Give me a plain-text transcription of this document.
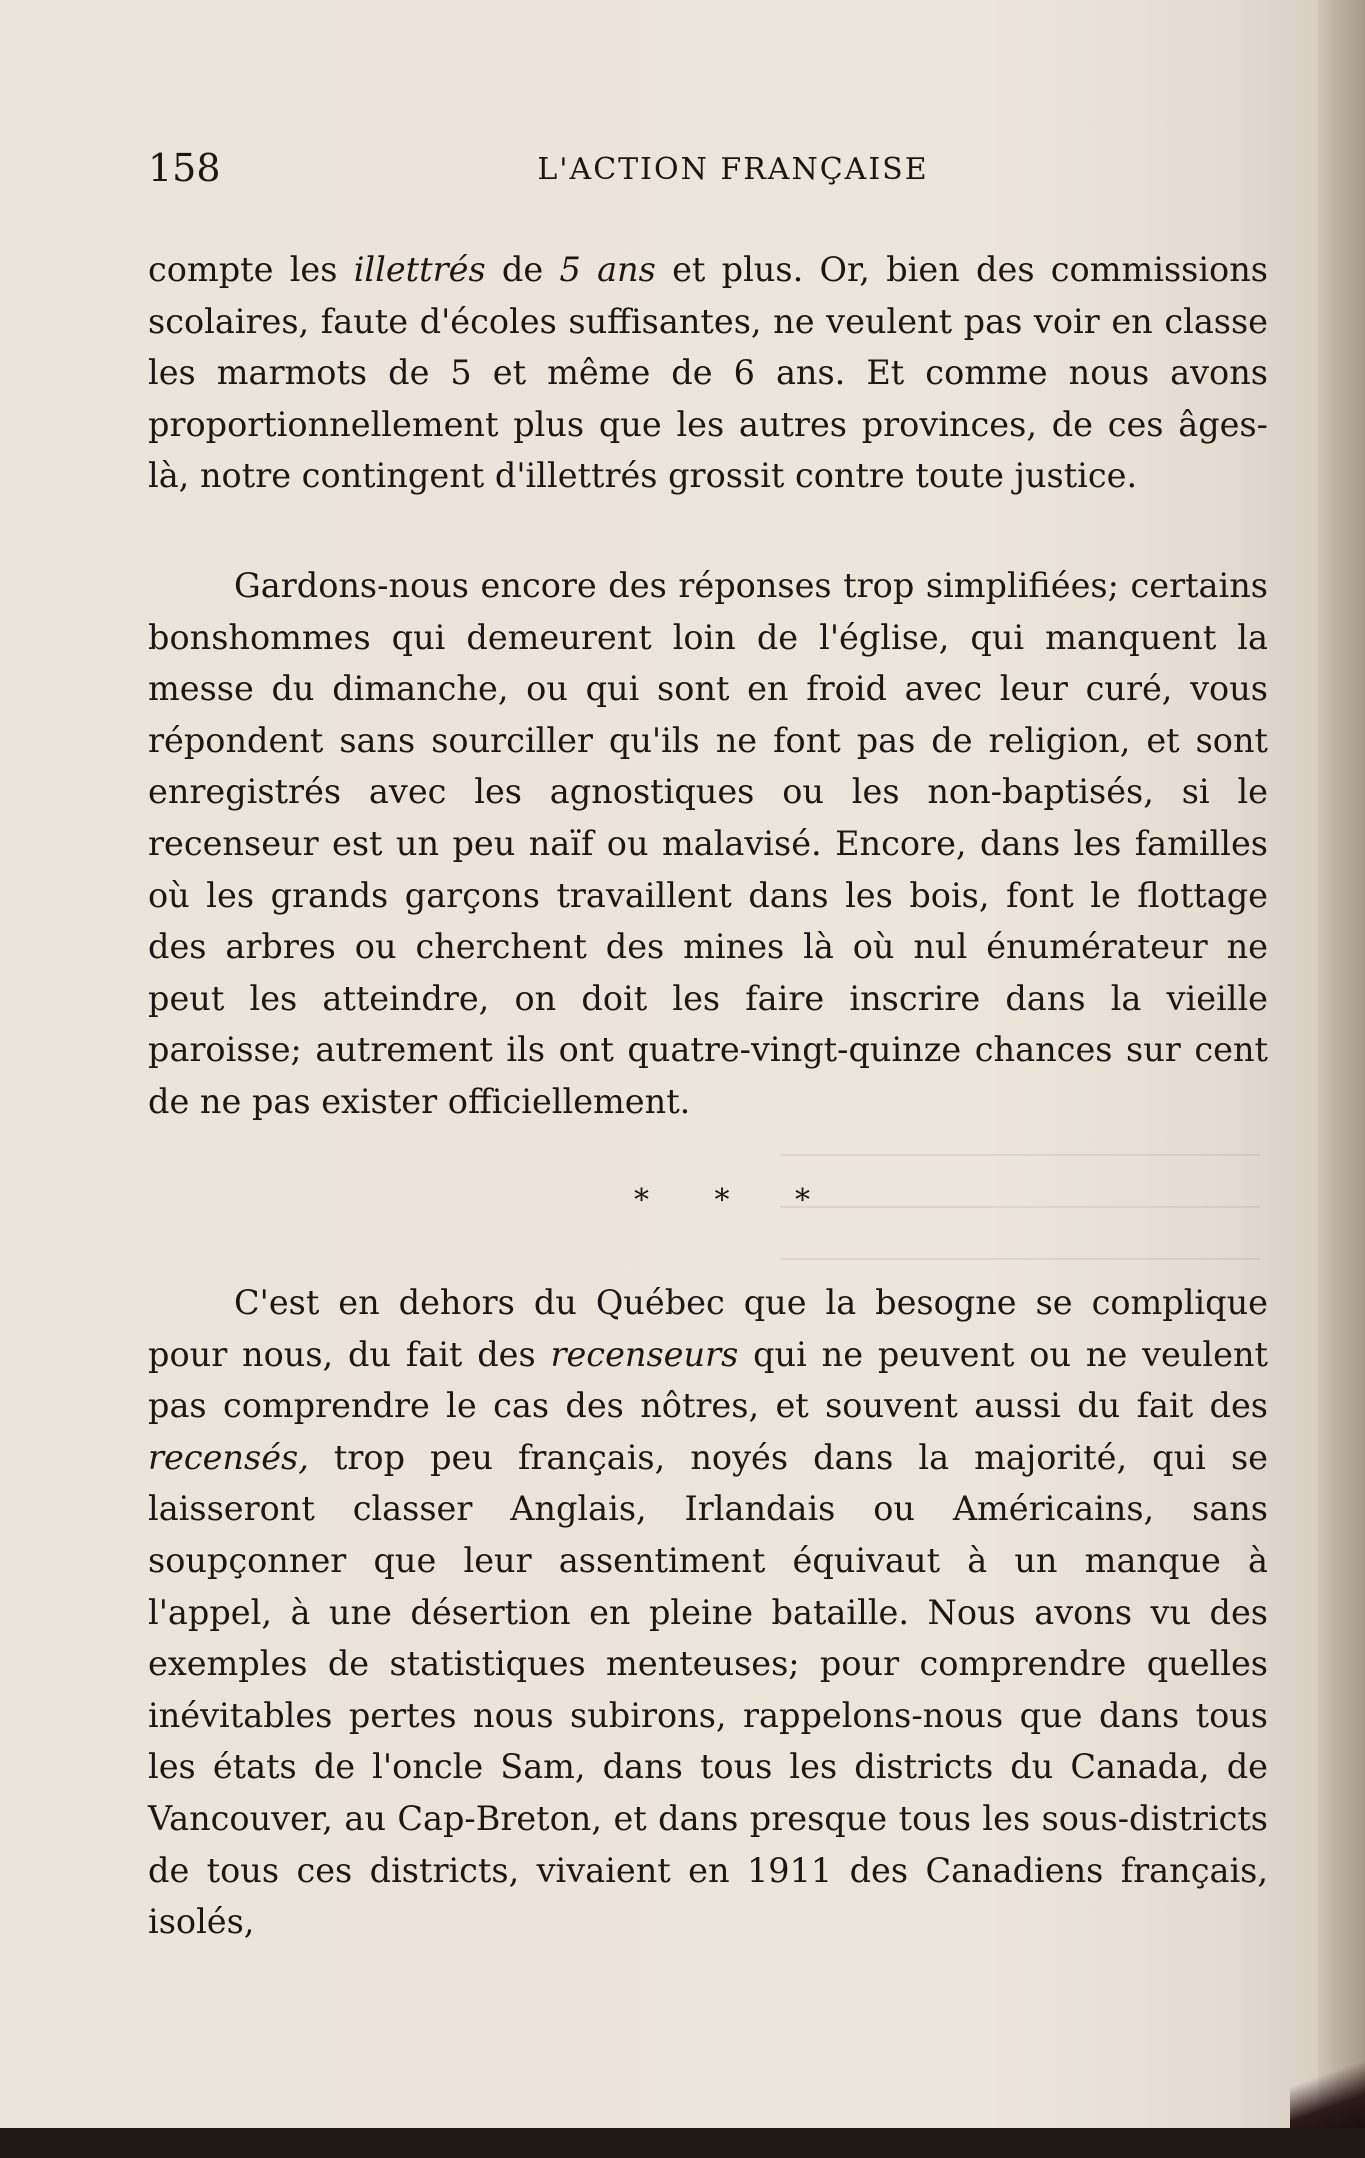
158	L'ACTION FRANÇAISE

compte les illettrés de 5 ans et plus. Or, bien des commissions scolaires, faute d'écoles suffisantes, ne veulent pas voir en classe les marmots de 5 et même de 6 ans. Et comme nous avons proportionnellement plus que les autres provinces, de ces âges-là, notre contingent d'illettrés grossit contre toute justice.

Gardons-nous encore des réponses trop simplifiées; certains bonshommes qui demeurent loin de l'église, qui manquent la messe du dimanche, ou qui sont en froid avec leur curé, vous répondent sans sourciller qu'ils ne font pas de religion, et sont enregistrés avec les agnostiques ou les non-baptisés, si le recenseur est un peu naïf ou malavisé. Encore, dans les familles où les grands garçons travaillent dans les bois, font le flottage des arbres ou cherchent des mines là où nul énumérateur ne peut les atteindre, on doit les faire inscrire dans la vieille paroisse; autrement ils ont quatre-vingt-quinze chances sur cent de ne pas exister officiellement.

* * *

C'est en dehors du Québec que la besogne se complique pour nous, du fait des recenseurs qui ne peuvent ou ne veulent pas comprendre le cas des nôtres, et souvent aussi du fait des recensés, trop peu français, noyés dans la majorité, qui se laisseront classer Anglais, Irlandais ou Américains, sans soupçonner que leur assentiment équivaut à un manque à l'appel, à une désertion en pleine bataille. Nous avons vu des exemples de statistiques menteuses; pour comprendre quelles inévitables pertes nous subirons, rappelons-nous que dans tous les états de l'oncle Sam, dans tous les districts du Canada, de Vancouver, au Cap-Breton, et dans presque tous les sous-districts de tous ces districts, vivaient en 1911 des Canadiens français, isolés,
